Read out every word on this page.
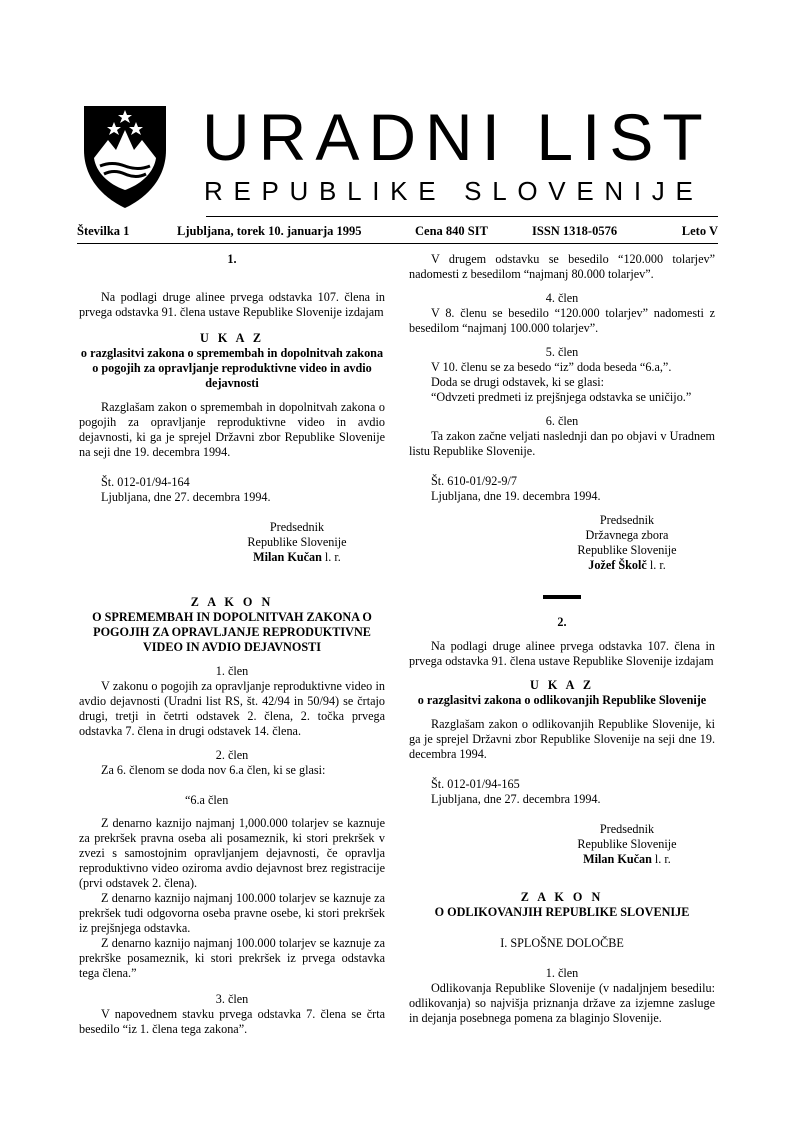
URADNI LIST
REPUBLIKE SLOVENIJE
Številka 1	Ljubljana, torek 10. januarja 1995	Cena 840 SIT	ISSN 1318-0576	Leto V

1.

Na podlagi druge alinee prvega odstavka 107. člena in prvega odstavka 91. člena ustave Republike Slovenije izdajam

U K A Z

o razglasitvi zakona o spremembah in dopolnitvah zakona o pogojih za opravljanje reproduktivne video in avdio dejavnosti

Razglašam zakon o spremembah in dopolnitvah zakona o pogojih za opravljanje reproduktivne video in avdio dejavnosti, ki ga je sprejel Državni zbor Republike Slovenije na seji dne 19. decembra 1994.

Št. 012-01/94-164

Ljubljana, dne 27. decembra 1994.

Predsednik

Republike Slovenije

Milan Kučan l. r.

Z A K O N

O SPREMEMBAH IN DOPOLNITVAH ZAKONA O POGOJIH ZA OPRAVLJANJE REPRODUKTIVNE VIDEO IN AVDIO DEJAVNOSTI

1. člen

V zakonu o pogojih za opravljanje reproduktivne video in avdio dejavnosti (Uradni list RS, št. 42/94 in 50/94) se črtajo drugi, tretji in četrti odstavek 2. člena, 2. točka prvega odstavka 7. člena in drugi odstavek 14. člena.

2. člen

Za 6. členom se doda nov 6.a člen, ki se glasi:

“6.a člen

Z denarno kaznijo najmanj 1,000.000 tolarjev se kaznuje za prekršek pravna oseba ali posameznik, ki stori prekršek v zvezi s samostojnim opravljanjem dejavnosti, če opravlja reproduktivno video oziroma avdio dejavnost brez registracije (prvi odstavek 2. člena).

Z denarno kaznijo najmanj 100.000 tolarjev se kaznuje za prekršek tudi odgovorna oseba pravne osebe, ki stori prekršek iz prejšnjega odstavka.

Z denarno kaznijo najmanj 100.000 tolarjev se kaznuje za prekrške posameznik, ki stori prekršek iz prvega odstavka tega člena.”

3. člen

V napovednem stavku prvega odstavka 7. člena se črta besedilo “iz 1. člena tega zakona”.

V drugem odstavku se besedilo “120.000 tolarjev” nadomesti z besedilom “najmanj 80.000 tolarjev”.

4. člen

V 8. členu se besedilo “120.000 tolarjev” nadomesti z besedilom “najmanj 100.000 tolarjev”.

5. člen

V 10. členu se za besedo “iz” doda beseda “6.a,”.

Doda se drugi odstavek, ki se glasi:

“Odvzeti predmeti iz prejšnjega odstavka se uničijo.”

6. člen

Ta zakon začne veljati naslednji dan po objavi v Uradnem listu Republike Slovenije.

Št. 610-01/92-9/7

Ljubljana, dne 19. decembra 1994.

Predsednik

Državnega zbora

Republike Slovenije

Jožef Školč l. r.

2.

Na podlagi druge alinee prvega odstavka 107. člena in prvega odstavka 91. člena ustave Republike Slovenije izdajam

U K A Z

o razglasitvi zakona o odlikovanjih Republike Slovenije

Razglašam zakon o odlikovanjih Republike Slovenije, ki ga je sprejel Državni zbor Republike Slovenije na seji dne 19. decembra 1994.

Št. 012-01/94-165

Ljubljana, dne 27. decembra 1994.

Predsednik

Republike Slovenije

Milan Kučan l. r.

Z A K O N

O ODLIKOVANJIH REPUBLIKE SLOVENIJE

I. SPLOŠNE DOLOČBE

1. člen

Odlikovanja Republike Slovenije (v nadaljnjem besedilu: odlikovanja) so najvišja priznanja države za izjemne zasluge in dejanja posebnega pomena za blaginjo Slovenije.
